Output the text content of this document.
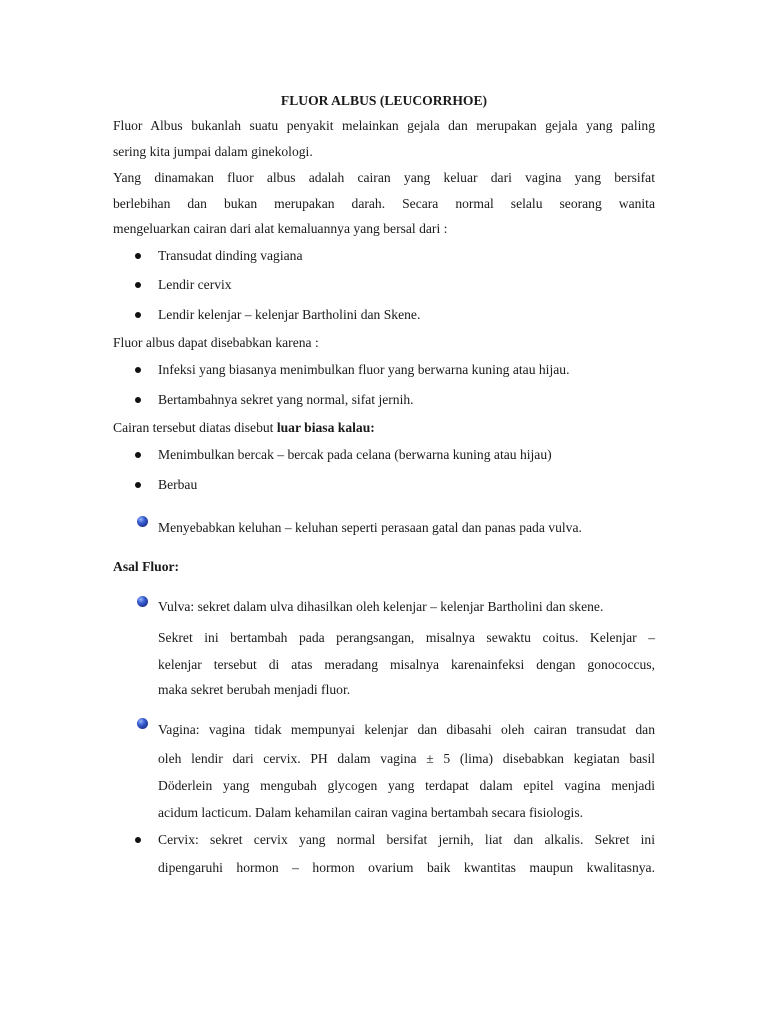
FLUOR ALBUS (LEUCORRHOE)
Fluor Albus bukanlah suatu penyakit melainkan gejala dan merupakan gejala yang paling
sering kita jumpai dalam ginekologi.
Yang dinamakan fluor albus adalah cairan yang keluar dari vagina yang bersifat
berlebihan dan bukan merupakan darah. Secara normal selalu seorang wanita
mengeluarkan cairan dari alat kemaluannya yang bersal dari :
Transudat dinding vagiana
Lendir cervix
Lendir kelenjar – kelenjar Bartholini dan Skene.
Fluor albus dapat disebabkan karena :
Infeksi yang biasanya menimbulkan fluor yang berwarna kuning atau hijau.
Bertambahnya sekret yang normal, sifat jernih.
Cairan tersebut diatas disebut luar biasa kalau:
Menimbulkan bercak – bercak pada celana (berwarna kuning atau hijau)
Berbau
Menyebabkan keluhan – keluhan seperti perasaan gatal dan panas pada vulva.
Asal Fluor:
Vulva: sekret dalam ulva dihasilkan oleh kelenjar – kelenjar Bartholini dan skene.
Sekret ini bertambah pada perangsangan, misalnya sewaktu coitus. Kelenjar –
kelenjar tersebut di atas meradang misalnya karenainfeksi dengan gonococcus,
maka sekret berubah menjadi fluor.
Vagina: vagina tidak mempunyai kelenjar dan dibasahi oleh cairan transudat dan
oleh lendir dari cervix. PH dalam vagina ± 5 (lima) disebabkan kegiatan basil
Döderlein yang mengubah glycogen yang terdapat dalam epitel vagina menjadi
acidum lacticum. Dalam kehamilan cairan vagina bertambah secara fisiologis.
Cervix: sekret cervix yang normal bersifat jernih, liat dan alkalis. Sekret ini
dipengaruhi hormon – hormon ovarium baik kwantitas maupun kwalitasnya.
